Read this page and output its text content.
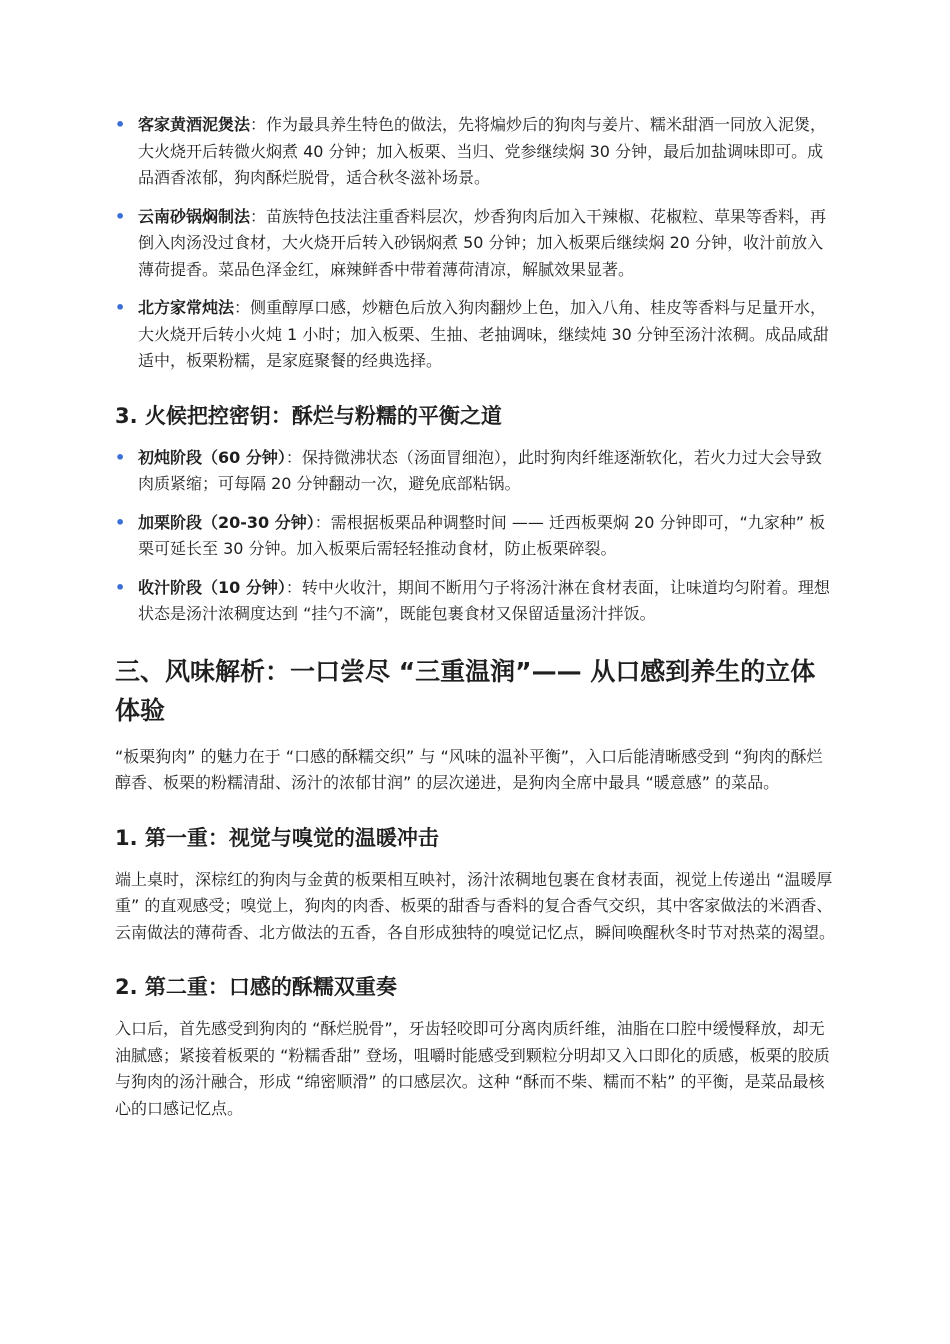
• 客家黄酒泥煲法：作为最具养生特色的做法，先将煸炒后的狗肉与姜片、糯米甜酒一同放入泥煲，大火烧开后转微火焖煮 40 分钟；加入板栗、当归、党参继续焖 30 分钟，最后加盐调味即可。成品酒香浓郁，狗肉酥烂脱骨，适合秋冬滋补场景。
• 云南砂锅焖制法：苗族特色技法注重香料层次，炒香狗肉后加入干辣椒、花椒粒、草果等香料，再倒入肉汤没过食材，大火烧开后转入砂锅焖煮 50 分钟；加入板栗后继续焖 20 分钟，收汁前放入薄荷提香。菜品色泽金红，麻辣鲜香中带着薄荷清凉，解腻效果显著。
• 北方家常炖法：侧重醇厚口感，炒糖色后放入狗肉翻炒上色，加入八角、桂皮等香料与足量开水，大火烧开后转小火炖 1 小时；加入板栗、生抽、老抽调味，继续炖 30 分钟至汤汁浓稠。成品咸甜适中，板栗粉糯，是家庭聚餐的经典选择。
3. 火候把控密钥：酥烂与粉糯的平衡之道
• 初炖阶段（60 分钟）：保持微沸状态（汤面冒细泡），此时狗肉纤维逐渐软化，若火力过大会导致肉质紧缩；可每隔 20 分钟翻动一次，避免底部粘锅。
• 加栗阶段（20-30 分钟）：需根据板栗品种调整时间 —— 迁西板栗焖 20 分钟即可，“九家种” 板栗可延长至 30 分钟。加入板栗后需轻轻推动食材，防止板栗碎裂。
• 收汁阶段（10 分钟）：转中火收汁，期间不断用勺子将汤汁淋在食材表面，让味道均匀附着。理想状态是汤汁浓稠度达到 “挂勺不滴”，既能包裹食材又保留适量汤汁拌饭。
三、风味解析：一口尝尽 “三重温润”—— 从口感到养生的立体体验

“板栗狗肉” 的魅力在于 “口感的酥糯交织” 与 “风味的温补平衡”，入口后能清晰感受到 “狗肉的酥烂醇香、板栗的粉糯清甜、汤汁的浓郁甘润” 的层次递进，是狗肉全席中最具 “暖意感” 的菜品。

1. 第一重：视觉与嗅觉的温暖冲击

端上桌时，深棕红的狗肉与金黄的板栗相互映衬，汤汁浓稠地包裹在食材表面，视觉上传递出 “温暖厚重” 的直观感受；嗅觉上，狗肉的肉香、板栗的甜香与香料的复合香气交织，其中客家做法的米酒香、云南做法的薄荷香、北方做法的五香，各自形成独特的嗅觉记忆点，瞬间唤醒秋冬时节对热菜的渴望。

2. 第二重：口感的酥糯双重奏

入口后，首先感受到狗肉的 “酥烂脱骨”，牙齿轻咬即可分离肉质纤维，油脂在口腔中缓慢释放，却无油腻感；紧接着板栗的 “粉糯香甜” 登场，咀嚼时能感受到颗粒分明却又入口即化的质感，板栗的胶质与狗肉的汤汁融合，形成 “绵密顺滑” 的口感层次。这种 “酥而不柴、糯而不粘” 的平衡，是菜品最核心的口感记忆点。
